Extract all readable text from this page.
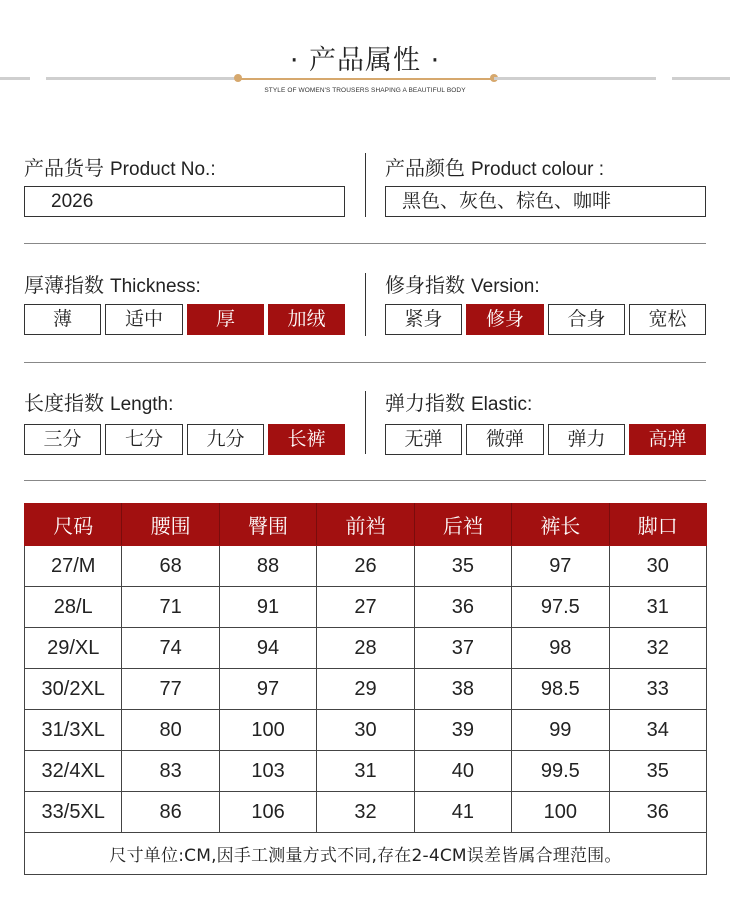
· 产品属性 ·
STYLE OF WOMEN'S TROUSERS SHAPING A BEAUTIFUL BODY
产品货号 Product No.:
2026
产品颜色 Product colour :
黑色、灰色、棕色、咖啡
厚薄指数 Thickness:
薄	适中	厚	加绒
修身指数 Version:
紧身	修身	合身	宽松
长度指数 Length:
三分	七分	九分	长裤
弹力指数 Elastic:
无弹	微弹	弹力	高弹
尺码	腰围	臀围	前裆	后裆	裤长	脚口
27/M	68	88	26	35	97	30
28/L	71	91	27	36	97.5	31
29/XL	74	94	28	37	98	32
30/2XL	77	97	29	38	98.5	33
31/3XL	80	100	30	39	99	34
32/4XL	83	103	31	40	99.5	35
33/5XL	86	106	32	41	100	36
尺寸单位:CM,因手工测量方式不同,存在2-4CM误差皆属合理范围。						
